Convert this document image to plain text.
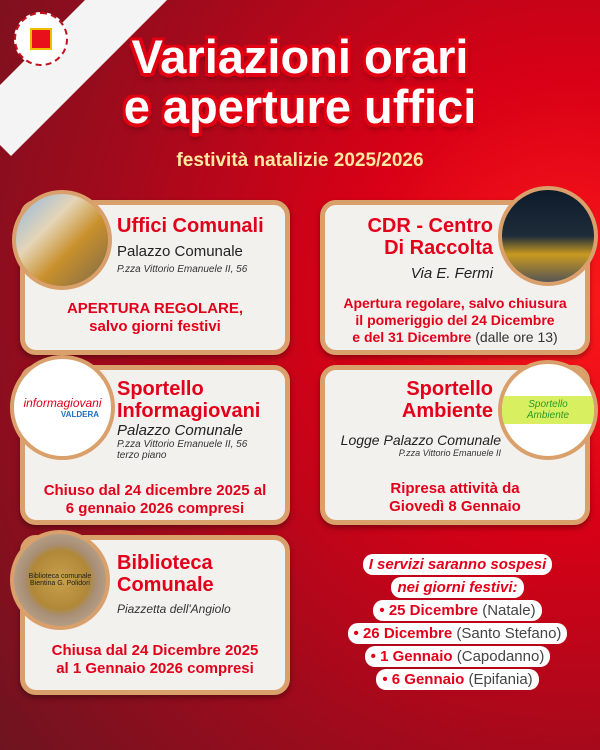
Variazioni orari
e aperture uffici
festività natalizie 2025/2026
Uffici Comunali
Palazzo Comunale
P.zza Vittorio Emanuele II, 56
APERTURA REGOLARE,
salvo giorni festivi
CDR - Centro
Di Raccolta
Via E. Fermi
Apertura regolare, salvo chiusura
il pomeriggio del 24 Dicembre
e del 31 Dicembre (dalle ore 13)
Sportello
Informagiovani
Palazzo Comunale
P.zza Vittorio Emanuele II, 56
terzo piano
Chiuso dal 24 dicembre 2025 al
6 gennaio 2026 compresi
informagiovani
VALDERA
Sportello
Ambiente
Logge Palazzo Comunale
P.zza Vittorio Emanuele II
Ripresa attività da
Giovedì 8 Gennaio
Sportello Ambiente
Biblioteca
Comunale
Piazzetta dell'Angiolo
Chiusa dal 24 Dicembre 2025
al 1 Gennaio 2026 compresi
Biblioteca comunale Bientina G. Polidori
I servizi saranno sospesi
nei giorni festivi:
• 25 Dicembre (Natale)
• 26 Dicembre (Santo Stefano)
• 1 Gennaio (Capodanno)
• 6 Gennaio (Epifania)
